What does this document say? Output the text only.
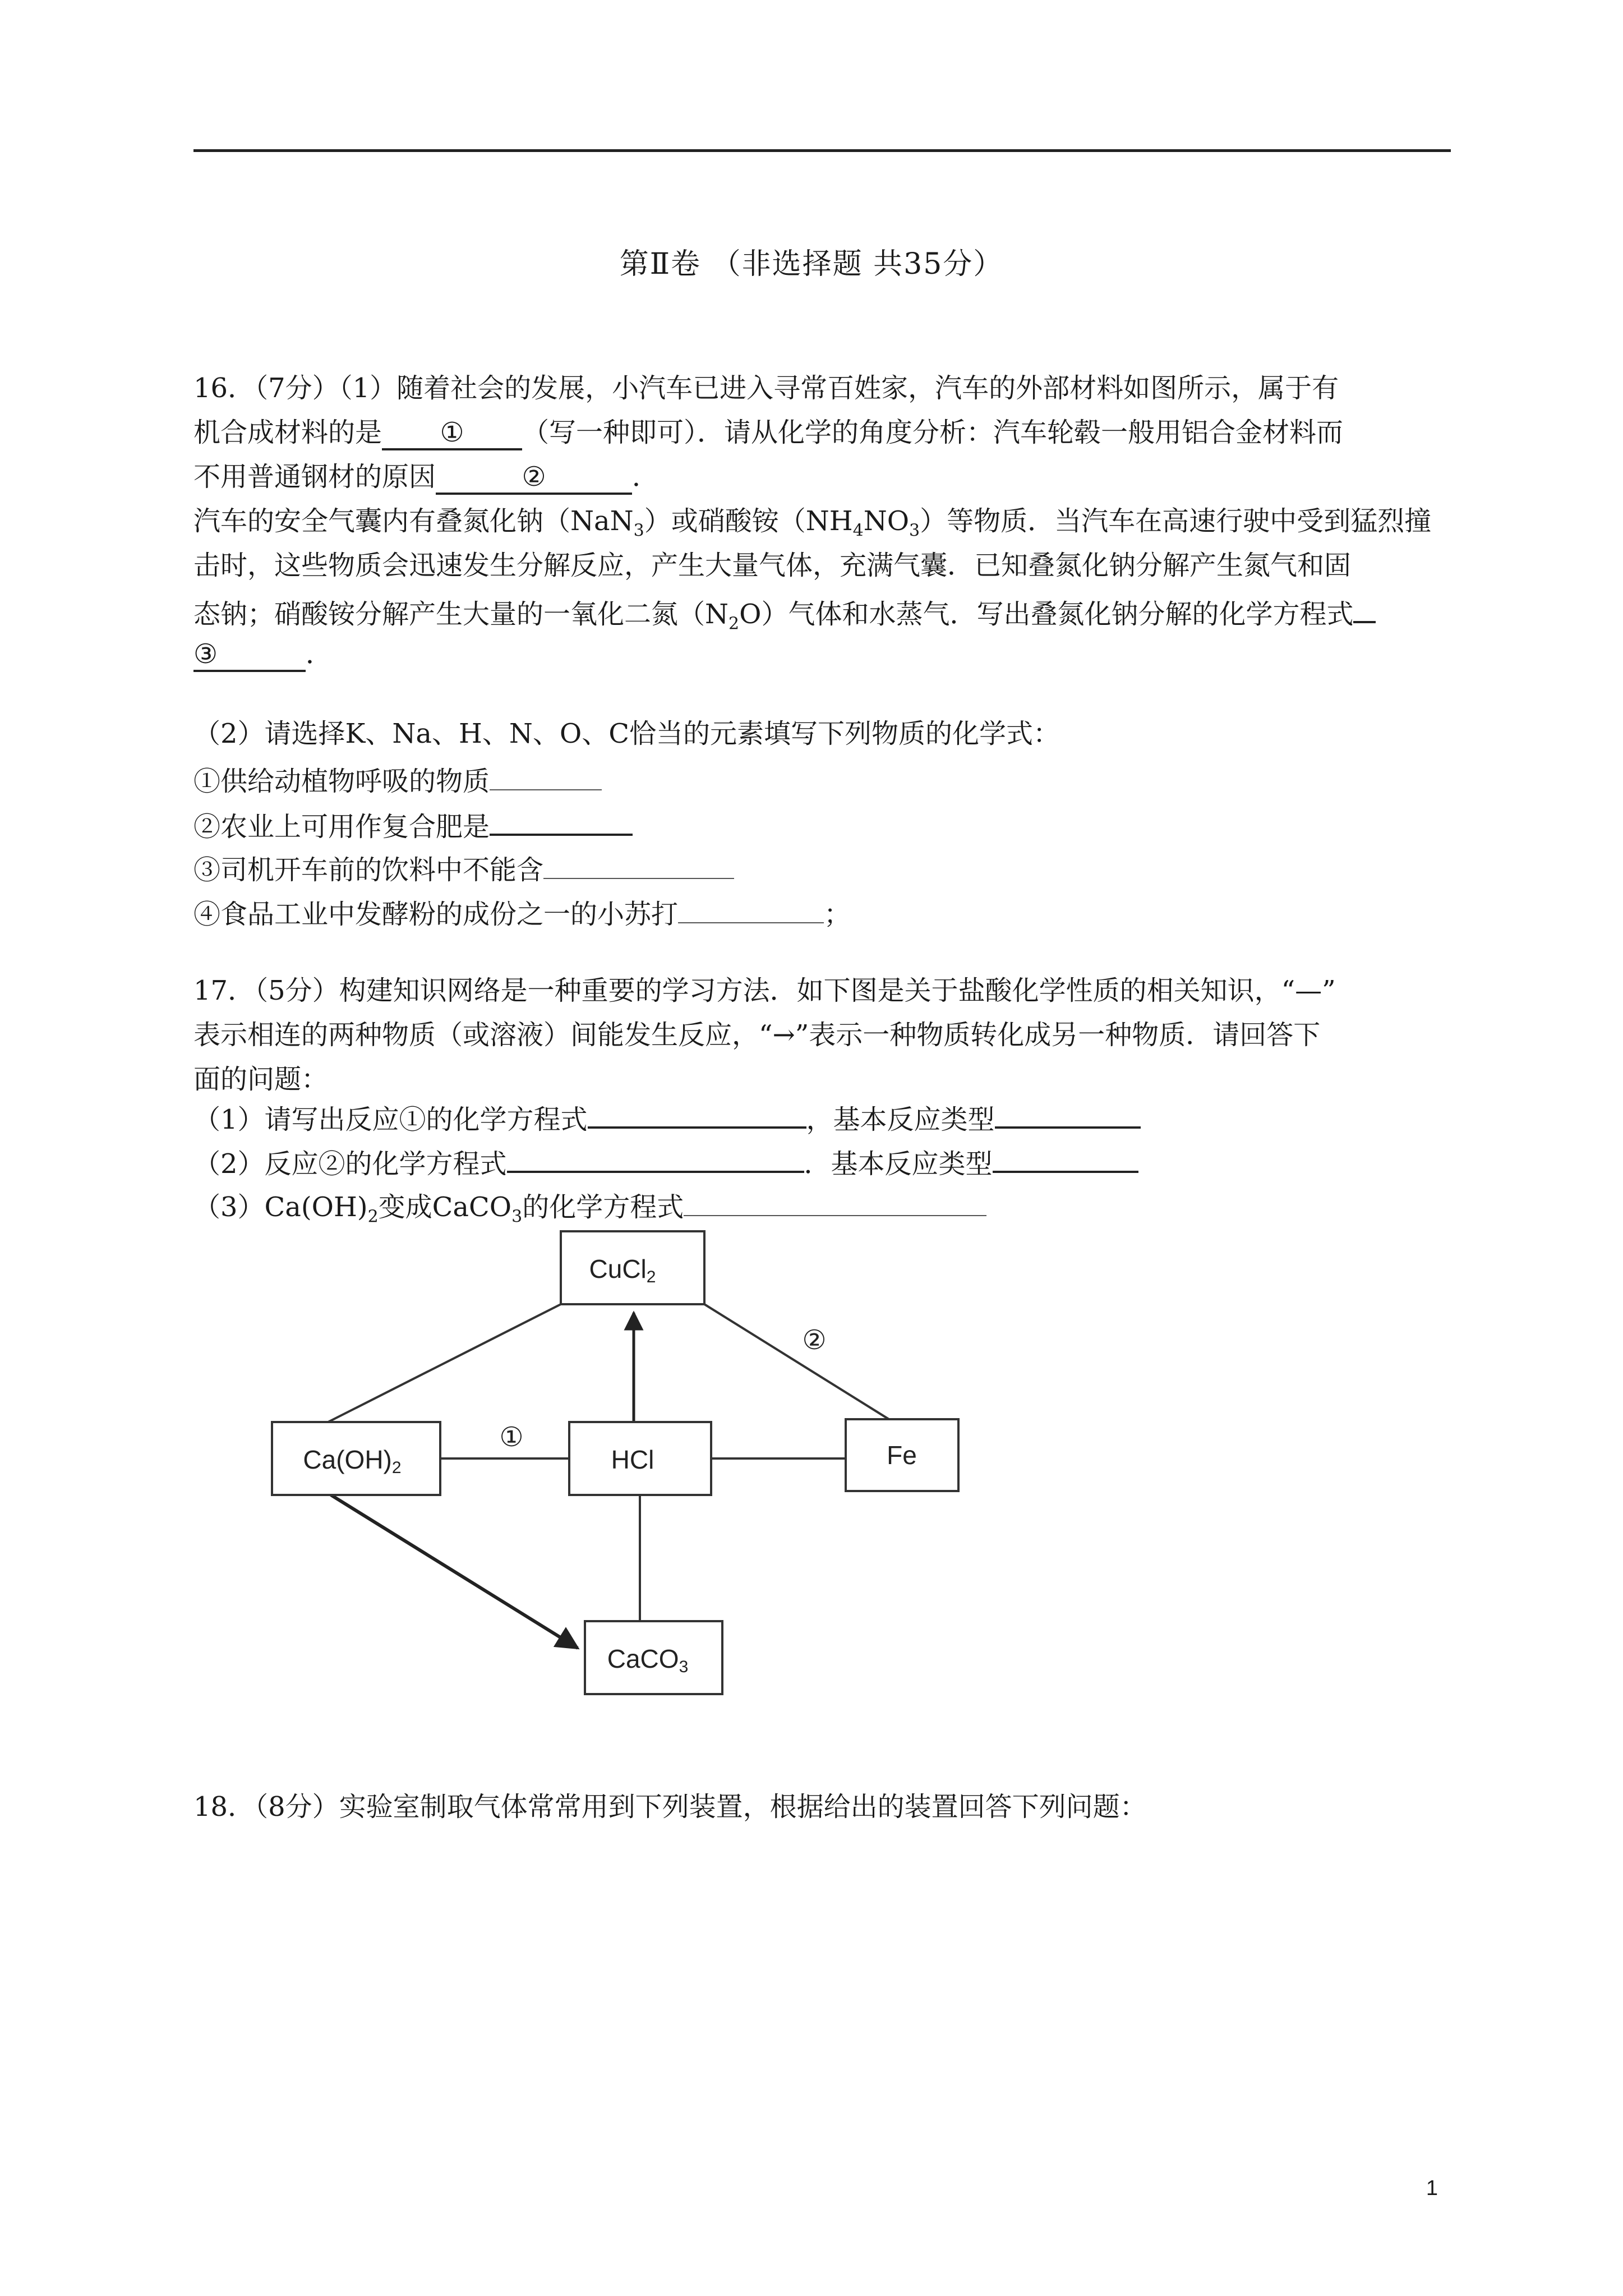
第Ⅱ卷 （非选择题 共35分）
16．（7分）（1）随着社会的发展，小汽车已进入寻常百姓家，汽车的外部材料如图所示，属于有
机合成材料的是 ① （写一种即可）．请从化学的角度分析：汽车轮毂一般用铝合金材料而
不用普通钢材的原因	②	．
汽车的安全气囊内有叠氮化钠（NaN$_3$）或硝酸铵$(NH_4NO_3)$等物质．当汽车在高速行驶中受到猛烈撞
击时，这些物质会迅速发生分解反应，产生大量气体，充满气囊．已知叠氮化钠分解产生氮气和固
态钠；硝酸铵分解产生大量的一氧化二氮$(N_2O)$气体和水蒸气．写出叠氮化钠分解的化学方程式
③	．
（2）请选择K、Na、H、N、O、C恰当的元素填写下列物质的化学式：
①供给动植物呼吸的物质
②农业上可用作复合肥是
③司机开车前的饮料中不能含
④食品工业中发酵粉的成份之一的小苏打	；
17．（5分）构建知识网络是一种重要的学习方法．如下图是关于盐酸化学性质的相关知识，“—”
表示相连的两种物质（或溶液）间能发生反应，“→”表示一种物质转化成另一种物质．请回答下
面的问题：
（1）请写出反应①的化学方程式	，基本反应类型
（2）反应②的化学方程式	．基本反应类型
$(3)Ca(OH)_2$变成CaCO$_3$的化学方程式
CuCl2
Ca(OH)2	HCl	Fe
CaCO3
①
②
18．（8分）实验室制取气体常常用到下列装置，根据给出的装置回答下列问题：
1
